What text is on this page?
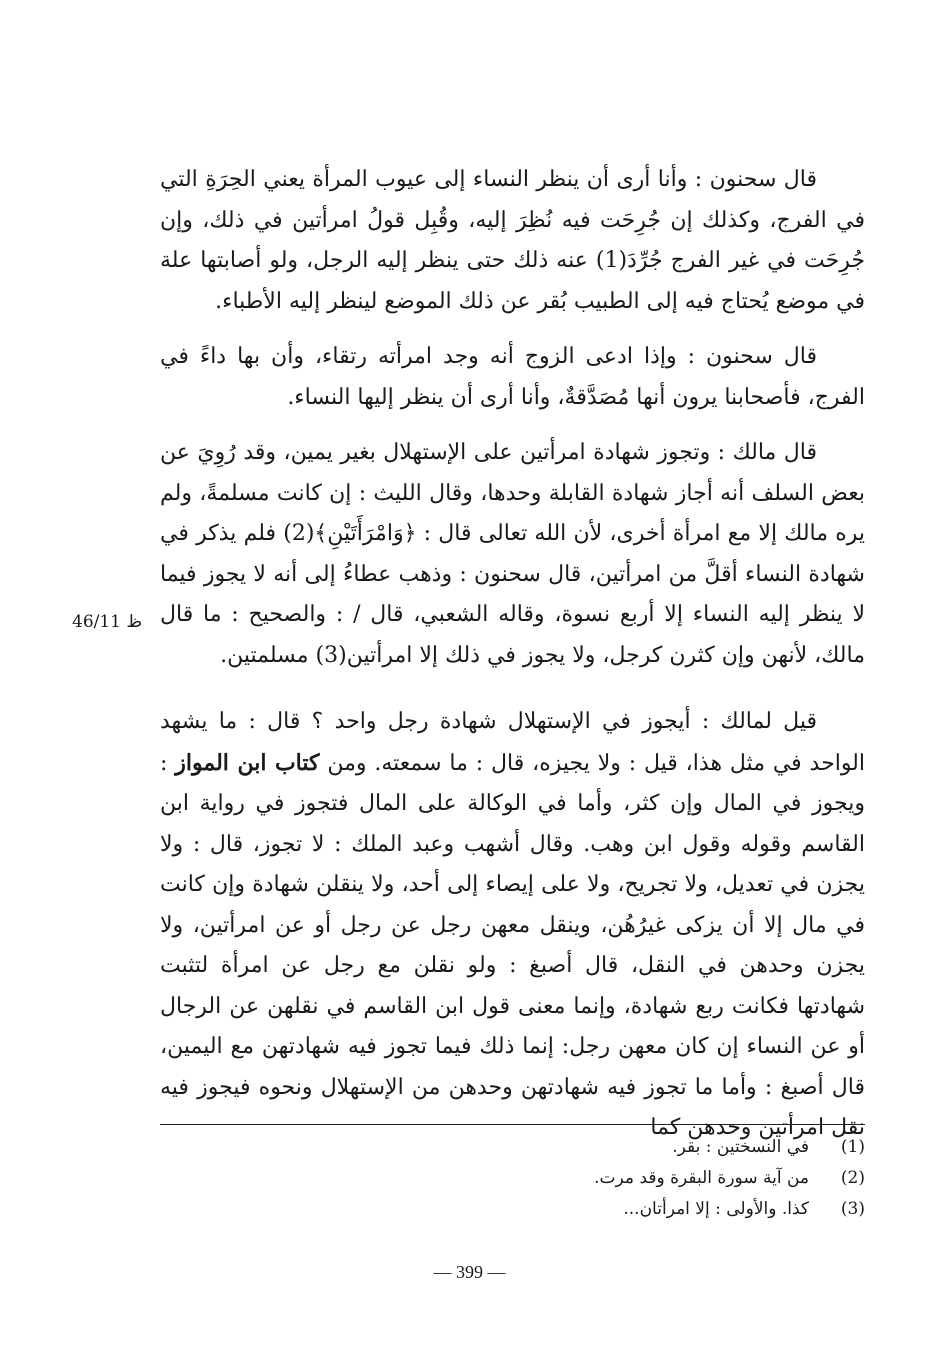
قال سحنون : وأنا أرى أن ينظر النساء إلى عيوب المرأة يعني الحِرَةِ التي في الفرج، وكذلك إن جُرِحَت فيه نُظِرَ إليه، وقُبِل قولُ امرأتين في ذلك، وإن جُرِحَت في غير الفرج جُرِّدَ(1) عنه ذلك حتى ينظر إليه الرجل، ولو أصابتها علة في موضع يُحتاج فيه إلى الطبيب بُقر عن ذلك الموضع لينظر إليه الأطباء.

قال سحنون : وإذا ادعى الزوج أنه وجد امرأته رتقاء، وأن بها داءً في الفرج، فأصحابنا يرون أنها مُصَدَّقةٌ، وأنا أرى أن ينظر إليها النساء.

قال مالك : وتجوز شهادة امرأتين على الإستهلال بغير يمين، وقد رُوِيَ عن بعض السلف أنه أجاز شهادة القابلة وحدها، وقال الليث : إن كانت مسلمةً، ولم يره مالك إلا مع امرأة أخرى، لأن الله تعالى قال : ﴿وَامْرَأَتَيْنِ﴾(2) فلم يذكر في شهادة النساء أقلَّ من امرأتين، قال سحنون : وذهب عطاءُ إلى أنه لا يجوز فيما لا ينظر إليه النساء إلا أربع نسوة، وقاله الشعبي، قال / : والصحيح : ما قال مالك، لأنهن وإن كثرن كرجل، ولا يجوز في ذلك إلا امرأتين(3) مسلمتين.

قيل لمالك : أيجوز في الإستهلال شهادة رجل واحد ؟ قال : ما يشهد الواحد في مثل هذا، قيل : ولا يجيزه، قال : ما سمعته. ومن كتاب ابن المواز : ويجوز في المال وإن كثر، وأما في الوكالة على المال فتجوز في رواية ابن القاسم وقوله وقول ابن وهب. وقال أشهب وعبد الملك : لا تجوز، قال : ولا يجزن في تعديل، ولا تجريح، ولا على إيصاء إلى أحد، ولا ينقلن شهادة وإن كانت في مال إلا أن يزكى غيرُهُن، وينقل معهن رجل عن رجل أو عن امرأتين، ولا يجزن وحدهن في النقل، قال أصبغ : ولو نقلن مع رجل عن امرأة لتثبت شهادتها فكانت ربع شهادة، وإنما معنى قول ابن القاسم في نقلهن عن الرجال أو عن النساء إن كان معهن رجل: إنما ذلك فيما تجوز فيه شهادتهن مع اليمين، قال أصبغ : وأما ما تجوز فيه شهادتهن وحدهن من الإستهلال ونحوه فيجوز فيه نقل امرأتين وحدهن كما

46/11 ظ
(1)
في النسختين : بقر.
(2)
من آية سورة البقرة وقد مرت.
(3)
كذا. والأولى : إلا امرأتان...
— 399 —
